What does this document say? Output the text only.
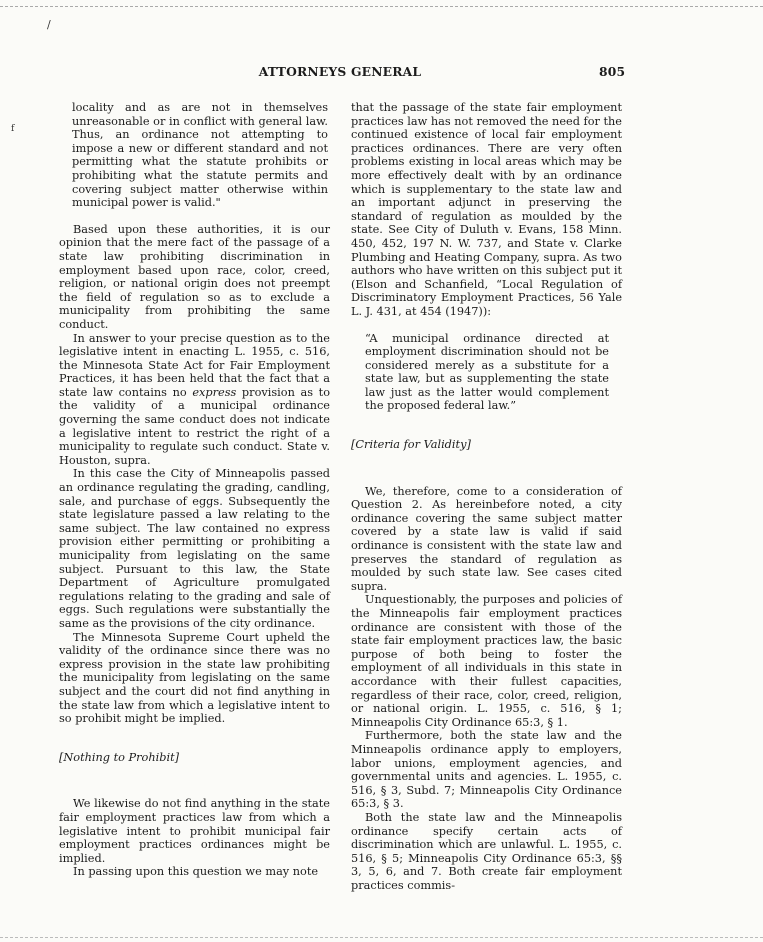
/
f
ATTORNEYS GENERAL	805

locality and as are not in themselves unreasonable or in conflict with general law. Thus, an ordinance not attempting to impose a new or different standard and not permitting what the statute prohibits or prohibiting what the statute permits and covering subject matter otherwise within municipal power is valid."

Based upon these authorities, it is our opinion that the mere fact of the passage of a state law prohibiting discrimination in employment based upon race, color, creed, religion, or national origin does not preempt the field of regulation so as to exclude a municipality from prohibiting the same conduct.

In answer to your precise question as to the legislative intent in enacting L. 1955, c. 516, the Minnesota State Act for Fair Employment Practices, it has been held that the fact that a state law contains no express provision as to the validity of a municipal ordinance governing the same conduct does not indicate a legislative intent to restrict the right of a municipality to regulate such conduct. State v. Houston, supra.

In this case the City of Minneapolis passed an ordinance regulating the grading, candling, sale, and purchase of eggs. Subsequently the state legislature passed a law relating to the same subject. The law contained no express provision either permitting or prohibiting a municipality from legislating on the same subject. Pursuant to this law, the State Department of Agriculture promulgated regulations relating to the grading and sale of eggs. Such regulations were substantially the same as the provisions of the city ordinance.

The Minnesota Supreme Court upheld the validity of the ordinance since there was no express provision in the state law prohibiting the municipality from legislating on the same subject and the court did not find anything in the state law from which a legislative intent to so prohibit might be implied.

[Nothing to Prohibit]

We likewise do not find anything in the state fair employment practices law from which a legislative intent to prohibit municipal fair employment practices ordinances might be implied.

In passing upon this question we may note

that the passage of the state fair employment practices law has not removed the need for the continued existence of local fair employment practices ordinances. There are very often problems existing in local areas which may be more effectively dealt with by an ordinance which is supplementary to the state law and an important adjunct in preserving the standard of regulation as moulded by the state. See City of Duluth v. Evans, 158 Minn. 450, 452, 197 N. W. 737, and State v. Clarke Plumbing and Heating Company, supra. As two authors who have written on this subject put it (Elson and Schanfield, “Local Regulation of Discriminatory Employment Practices, 56 Yale L. J. 431, at 454 (1947)):

“A municipal ordinance directed at employment discrimination should not be considered merely as a substitute for a state law, but as supplementing the state law just as the latter would complement the proposed federal law.”

[Criteria for Validity]

We, therefore, come to a consideration of Question 2. As hereinbefore noted, a city ordinance covering the same subject matter covered by a state law is valid if said ordinance is consistent with the state law and preserves the standard of regulation as moulded by such state law. See cases cited supra.

Unquestionably, the purposes and policies of the Minneapolis fair employment practices ordinance are consistent with those of the state fair employment practices law, the basic purpose of both being to foster the employment of all individuals in this state in accordance with their fullest capacities, regardless of their race, color, creed, religion, or national origin. L. 1955, c. 516, § 1; Minneapolis City Ordinance 65:3, § 1.

Furthermore, both the state law and the Minneapolis ordinance apply to employers, labor unions, employment agencies, and governmental units and agencies. L. 1955, c. 516, § 3, Subd. 7; Minneapolis City Ordinance 65:3, § 3.

Both the state law and the Minneapolis ordinance specify certain acts of discrimination which are unlawful. L. 1955, c. 516, § 5; Minneapolis City Ordinance 65:3, §§ 3, 5, 6, and 7. Both create fair employment practices commis-
